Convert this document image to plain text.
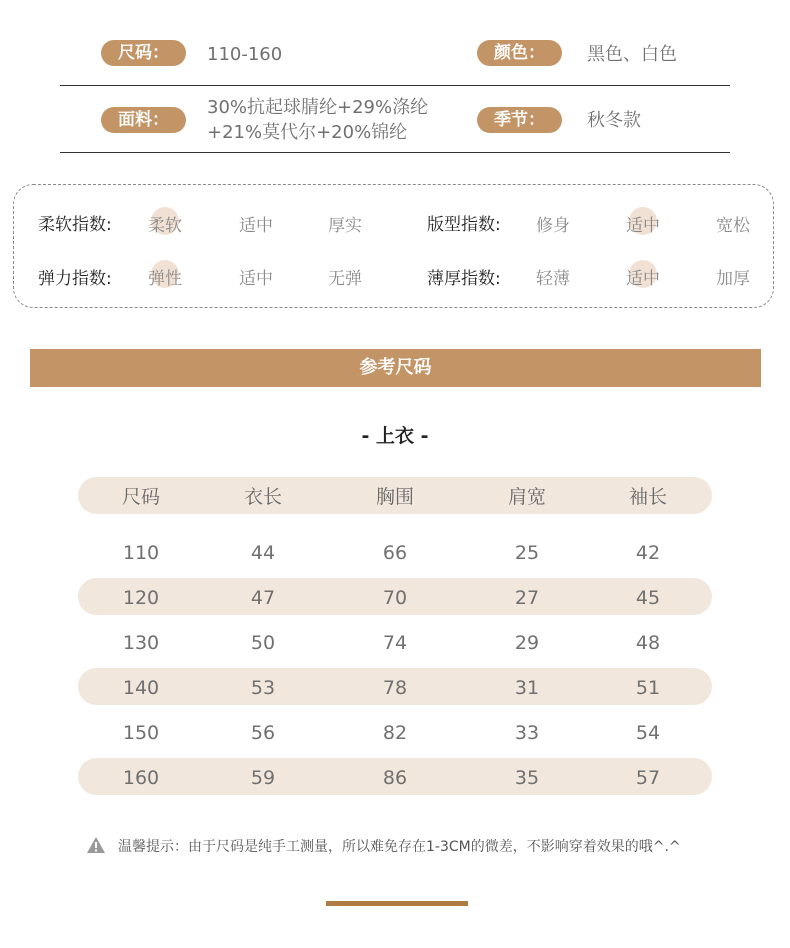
尺码：	110-160	颜色：	黑色、白色
面料：
30%抗起球腈纶+29%涤纶
+21%莫代尔+20%锦纶
季节：	秋冬款
柔软指数:	柔软	适中	厚实	版型指数:	修身	适中	宽松
弹力指数:	弹性	适中	无弹	薄厚指数:	轻薄	适中	加厚
参考尺码
- 上衣 -
尺码	衣长	胸围	肩宽	袖长
110	44	66	25	42
120	47	70	27	45
130	50	74	29	48
140	53	78	31	51
150	56	82	33	54
160	59	86	35	57
温馨提示：由于尺码是纯手工测量，所以难免存在1-3CM的微差，不影响穿着效果的哦^.^
